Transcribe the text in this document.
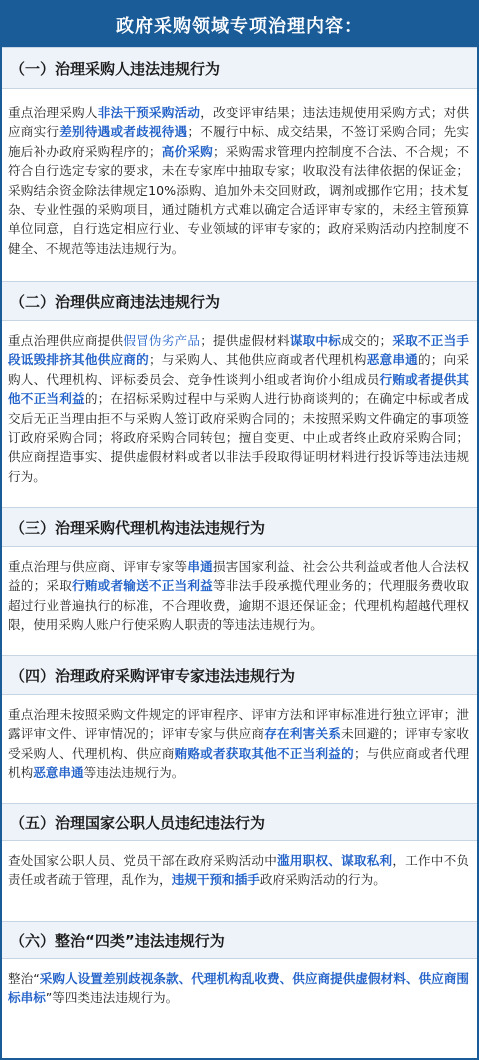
政府采购领域专项治理内容：
（一）治理采购人违法违规行为
重点治理采购人非法干预采购活动，改变评审结果；违法违规使用采购方式；对供应商实行差别待遇或者歧视待遇；不履行中标、成交结果，不签订采购合同；先实施后补办政府采购程序的；高价采购；采购需求管理内控制度不合法、不合规；不符合自行选定专家的要求，未在专家库中抽取专家；收取没有法律依据的保证金；采购结余资金除法律规定10%添购、追加外未交回财政，调剂或挪作它用；技术复杂、专业性强的采购项目，通过随机方式难以确定合适评审专家的，未经主管预算单位同意，自行选定相应行业、专业领域的评审专家的；政府采购活动内控制度不健全、不规范等违法违规行为。
（二）治理供应商违法违规行为
重点治理供应商提供假冒伪劣产品；提供虚假材料谋取中标成交的；采取不正当手段诋毁排挤其他供应商的；与采购人、其他供应商或者代理机构恶意串通的；向采购人、代理机构、评标委员会、竞争性谈判小组或者询价小组成员行贿或者提供其他不正当利益的；在招标采购过程中与采购人进行协商谈判的；在确定中标或者成交后无正当理由拒不与采购人签订政府采购合同的；未按照采购文件确定的事项签订政府采购合同；将政府采购合同转包；擅自变更、中止或者终止政府采购合同；供应商捏造事实、提供虚假材料或者以非法手段取得证明材料进行投诉等违法违规行为。
（三）治理采购代理机构违法违规行为
重点治理与供应商、评审专家等串通损害国家利益、社会公共利益或者他人合法权益的；采取行贿或者输送不正当利益等非法手段承揽代理业务的；代理服务费收取超过行业普遍执行的标准，不合理收费，逾期不退还保证金；代理机构超越代理权限，使用采购人账户行使采购人职责的等违法违规行为。
（四）治理政府采购评审专家违法违规行为
重点治理未按照采购文件规定的评审程序、评审方法和评审标准进行独立评审；泄露评审文件、评审情况的；评审专家与供应商存在利害关系未回避的；评审专家收受采购人、代理机构、供应商贿赂或者获取其他不正当利益的；与供应商或者代理机构恶意串通等违法违规行为。
（五）治理国家公职人员违纪违法行为
查处国家公职人员、党员干部在政府采购活动中滥用职权、谋取私利，工作中不负责任或者疏于管理，乱作为，违规干预和插手政府采购活动的行为。
（六）整治“四类”违法违规行为
整治“采购人设置差别歧视条款、代理机构乱收费、供应商提供虚假材料、供应商围标串标”等四类违法违规行为。
